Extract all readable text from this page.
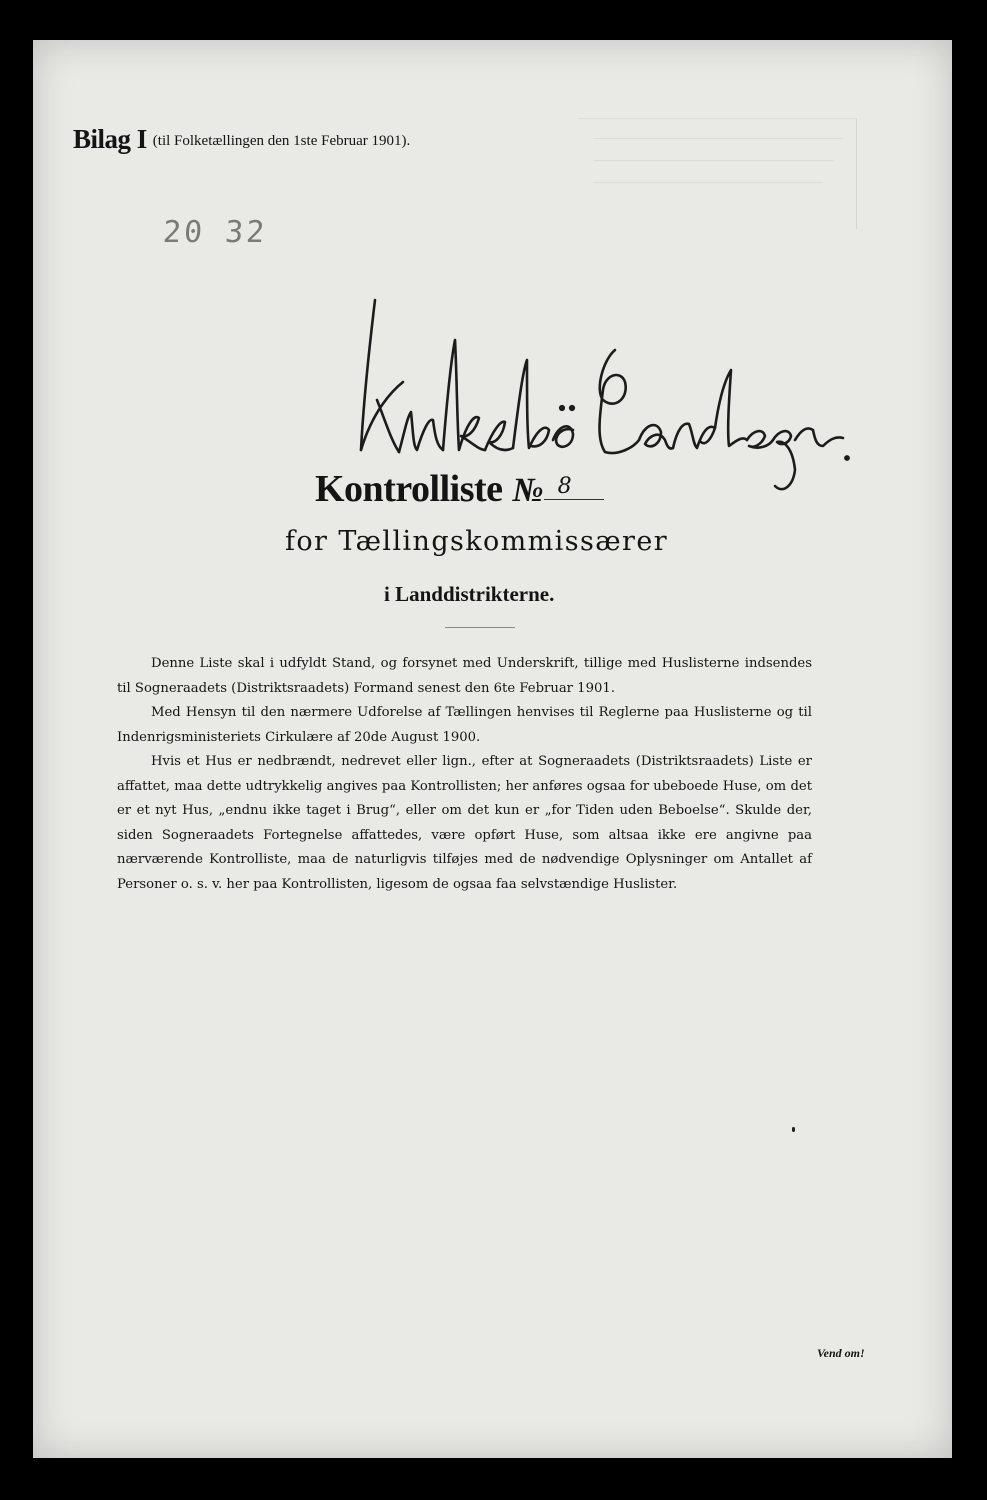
Bilag I (til Folketællingen den 1ste Februar 1901).
20 32
Kirkebö Landsogn
Kontrolliste № 8
for Tællingskommissærer
i Landdistrikterne.

Denne Liste skal i udfyldt Stand, og forsynet med Underskrift, tillige med Huslisterne indsendes til Sogneraadets (Distriktsraadets) Formand senest den 6te Februar 1901.

Med Hensyn til den nærmere Udforelse af Tællingen henvises til Reglerne paa Huslisterne og til Indenrigsministeriets Cirkulære af 20de August 1900.

Hvis et Hus er nedbrændt, nedrevet eller lign., efter at Sogneraadets (Distriktsraadets) Liste er affattet, maa dette udtrykkelig angives paa Kontrollisten; her anføres ogsaa for ubeboede Huse, om det er et nyt Hus, „endnu ikke taget i Brug“, eller om det kun er „for Tiden uden Beboelse“. Skulde der, siden Sogneraadets Fortegnelse affattedes, være opført Huse, som altsaa ikke ere angivne paa nærværende Kontrolliste, maa de naturligvis tilføjes med de nødvendige Oplysninger om Antallet af Personer o. s. v. her paa Kontrollisten, ligesom de ogsaa faa selvstændige Huslister.

Vend om!
